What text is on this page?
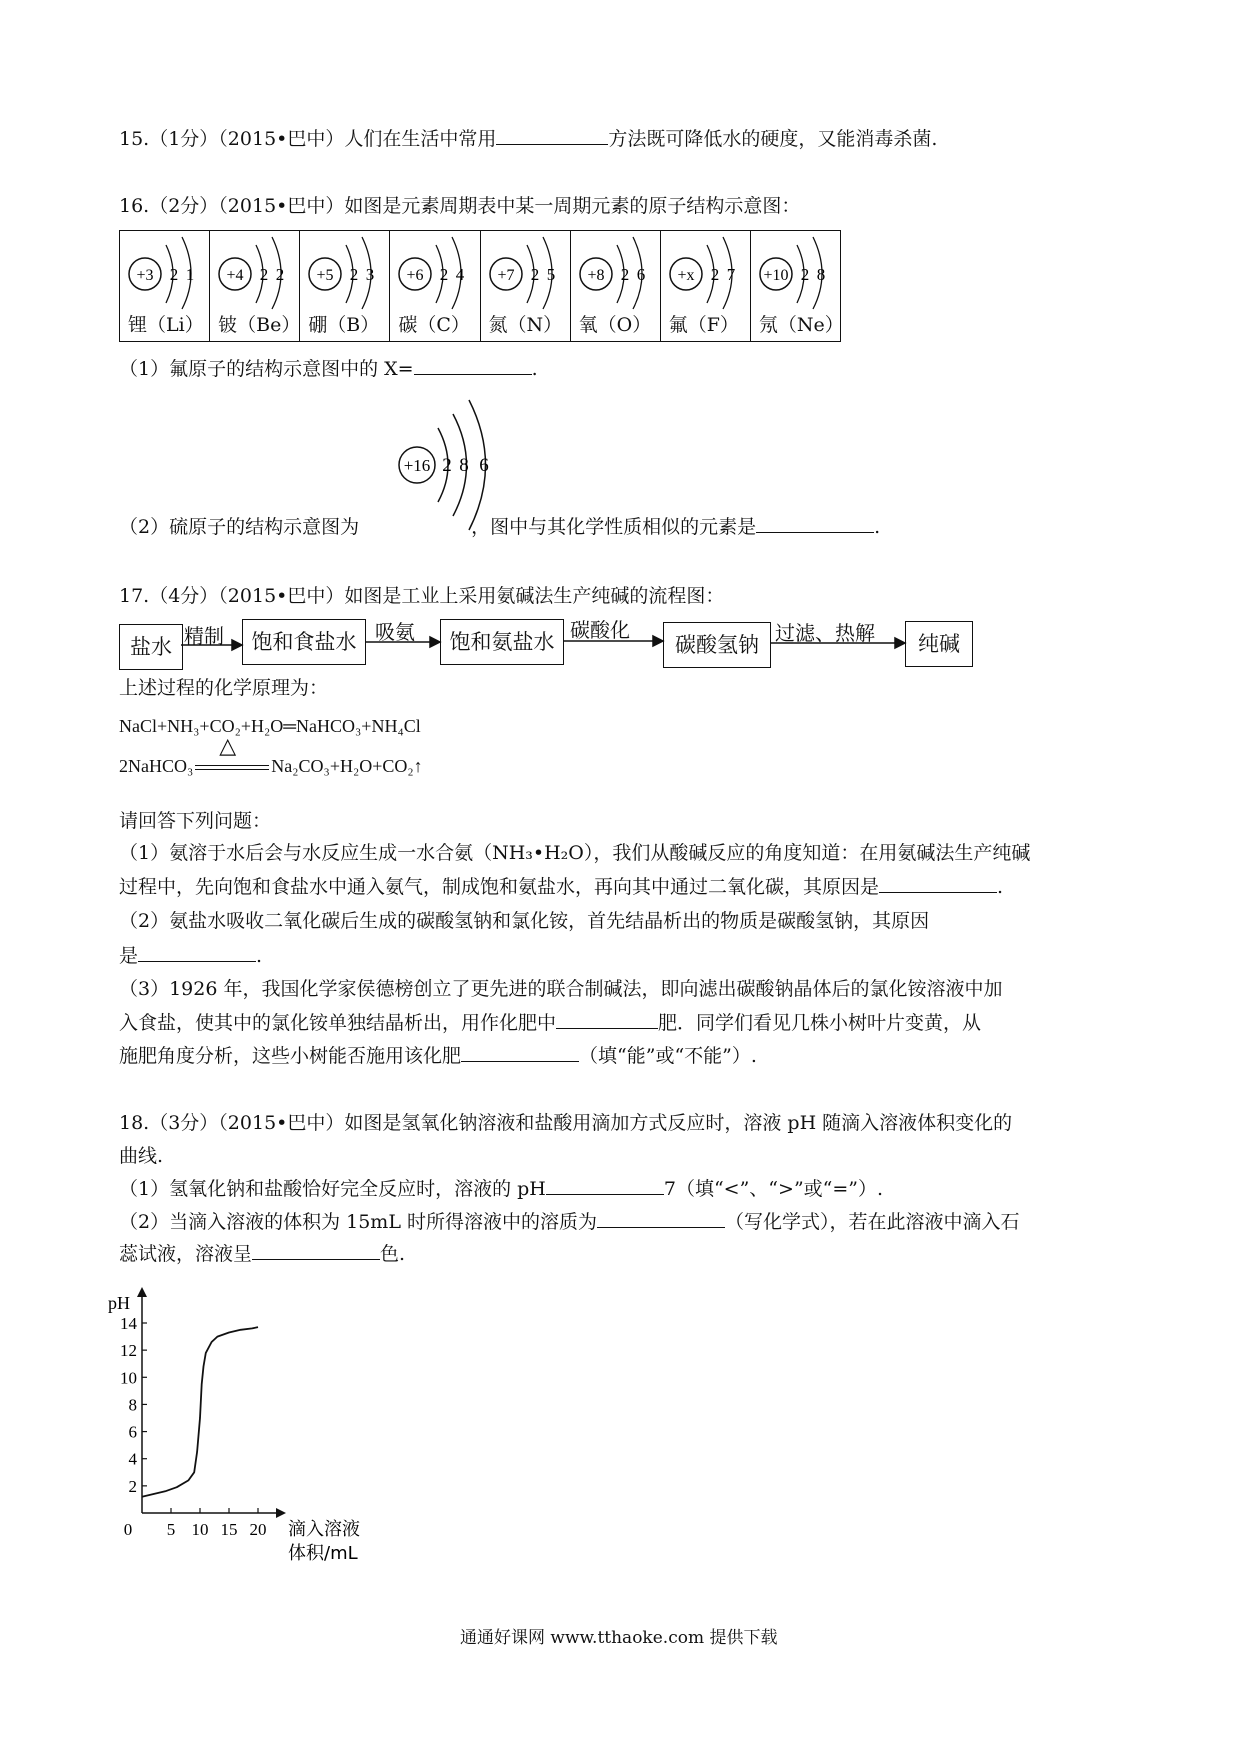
15.（1分）（2015•巴中）人们在生活中常用	方法既可降低水的硬度，又能消毒杀菌.
16.（2分）（2015•巴中）如图是元素周期表中某一周期元素的原子结构示意图：
+3 2 1
锂（Li）
+4 2 2
铍（Be）
+5 2 3
硼（B）
+6 2 4
碳（C）
+7 2 5
氮（N）
+8 2 6
氧（O）
+x 2 7
氟（F）
+10 2 8
氖（Ne）
（1）氟原子的结构示意图中的 X=	.
+16 2 8 6
（2）硫原子的结构示意图为	，图中与其化学性质相似的元素是	.
17.（4分）（2015•巴中）如图是工业上采用氨碱法生产纯碱的流程图：
盐水	饱和食盐水	饱和氨盐水	碳酸氢钠	纯碱
精制	吸氨	碳酸化	过滤、热解
上述过程的化学原理为：
NaCl+NH₃+CO₂+H₂O═NaHCO₃+NH₄Cl
2NaHCO₃
△
Na₂CO₃+H₂O+CO₂↑
请回答下列问题：
（1）氨溶于水后会与水反应生成一水合氨（NH₃•H₂O），我们从酸碱反应的角度知道：在用氨碱法生产纯碱
过程中，先向饱和食盐水中通入氨气，制成饱和氨盐水，再向其中通过二氧化碳，其原因是	.
（2）氨盐水吸收二氧化碳后生成的碳酸氢钠和氯化铵，首先结晶析出的物质是碳酸氢钠，其原因
是	.
（3）1926 年，我国化学家侯德榜创立了更先进的联合制碱法，即向滤出碳酸钠晶体后的氯化铵溶液中加
入食盐，使其中的氯化铵单独结晶析出，用作化肥中	肥．同学们看见几株小树叶片变黄，从
施肥角度分析，这些小树能否施用该化肥	（填“能”或“不能”）.
18.（3分）（2015•巴中）如图是氢氧化钠溶液和盐酸用滴加方式反应时，溶液 pH 随滴入溶液体积变化的
曲线.
（1）氢氧化钠和盐酸恰好完全反应时，溶液的 pH	7（填“<”、“>”或“=”）.
（2）当滴入溶液的体积为 15mL 时所得溶液中的溶质为	（写化学式），若在此溶液中滴入石
蕊试液，溶液呈	色.
pH
2
4
6
8
10
12
14
0 5 10 15 20 滴入溶液
体积/mL
通通好课网 www.tthaoke.com 提供下载
